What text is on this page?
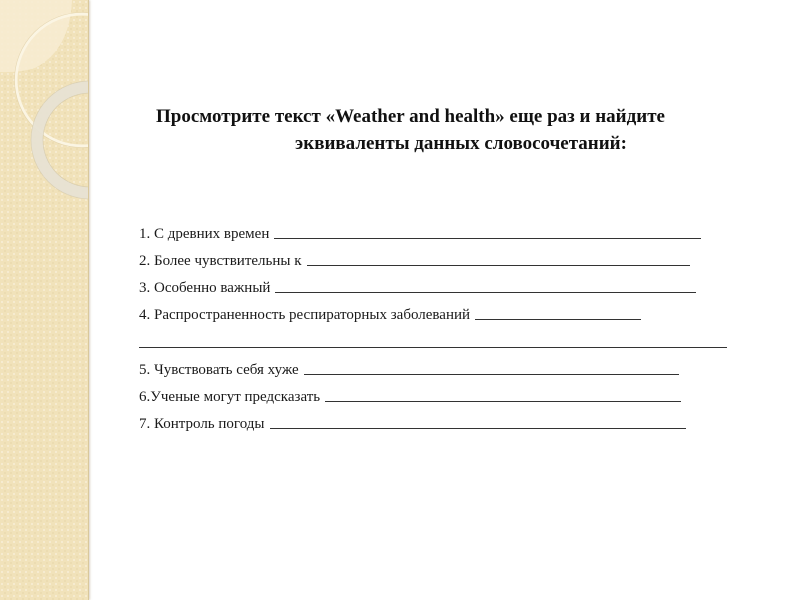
Просмотрите текст «Weather and health» еще раз и найдите
эквиваленты данных словосочетаний:
1. С древних времен
2. Более чувствительны к
3. Особенно важный
4. Распространенность респираторных заболеваний
5. Чувствовать себя хуже
6.Ученые могут предсказать
7. Контроль погоды
